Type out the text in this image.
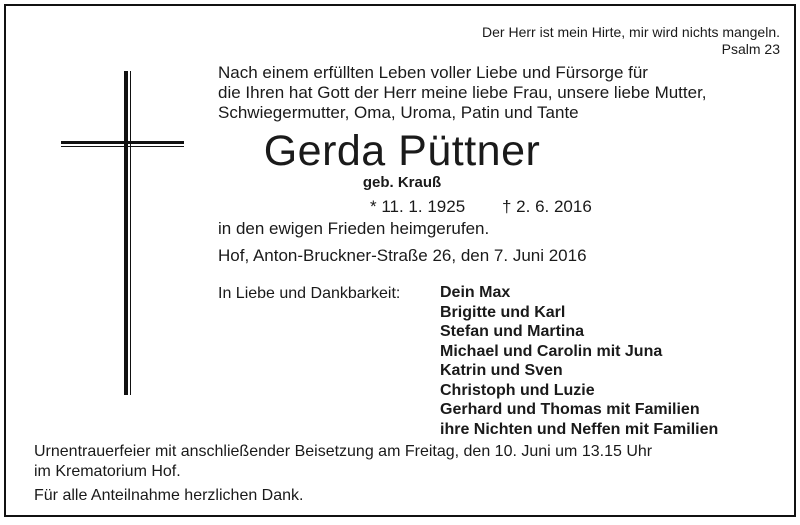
Der Herr ist mein Hirte, mir wird nichts mangeln.
Psalm 23
Nach einem erfüllten Leben voller Liebe und Fürsorge für
die Ihren hat Gott der Herr meine liebe Frau, unsere liebe Mutter,
Schwiegermutter, Oma, Uroma, Patin und Tante
Gerda Püttner
geb. Krauß
* 11. 1. 1925 † 2. 6. 2016
in den ewigen Frieden heimgerufen.
Hof, Anton-Bruckner-Straße 26, den 7. Juni 2016
In Liebe und Dankbarkeit: Dein Max
Brigitte und Karl
Stefan und Martina
Michael und Carolin mit Juna
Katrin und Sven
Christoph und Luzie
Gerhard und Thomas mit Familien
ihre Nichten und Neffen mit Familien
Urnentrauerfeier mit anschließender Beisetzung am Freitag, den 10. Juni um 13.15 Uhr
im Krematorium Hof.
Für alle Anteilnahme herzlichen Dank.
